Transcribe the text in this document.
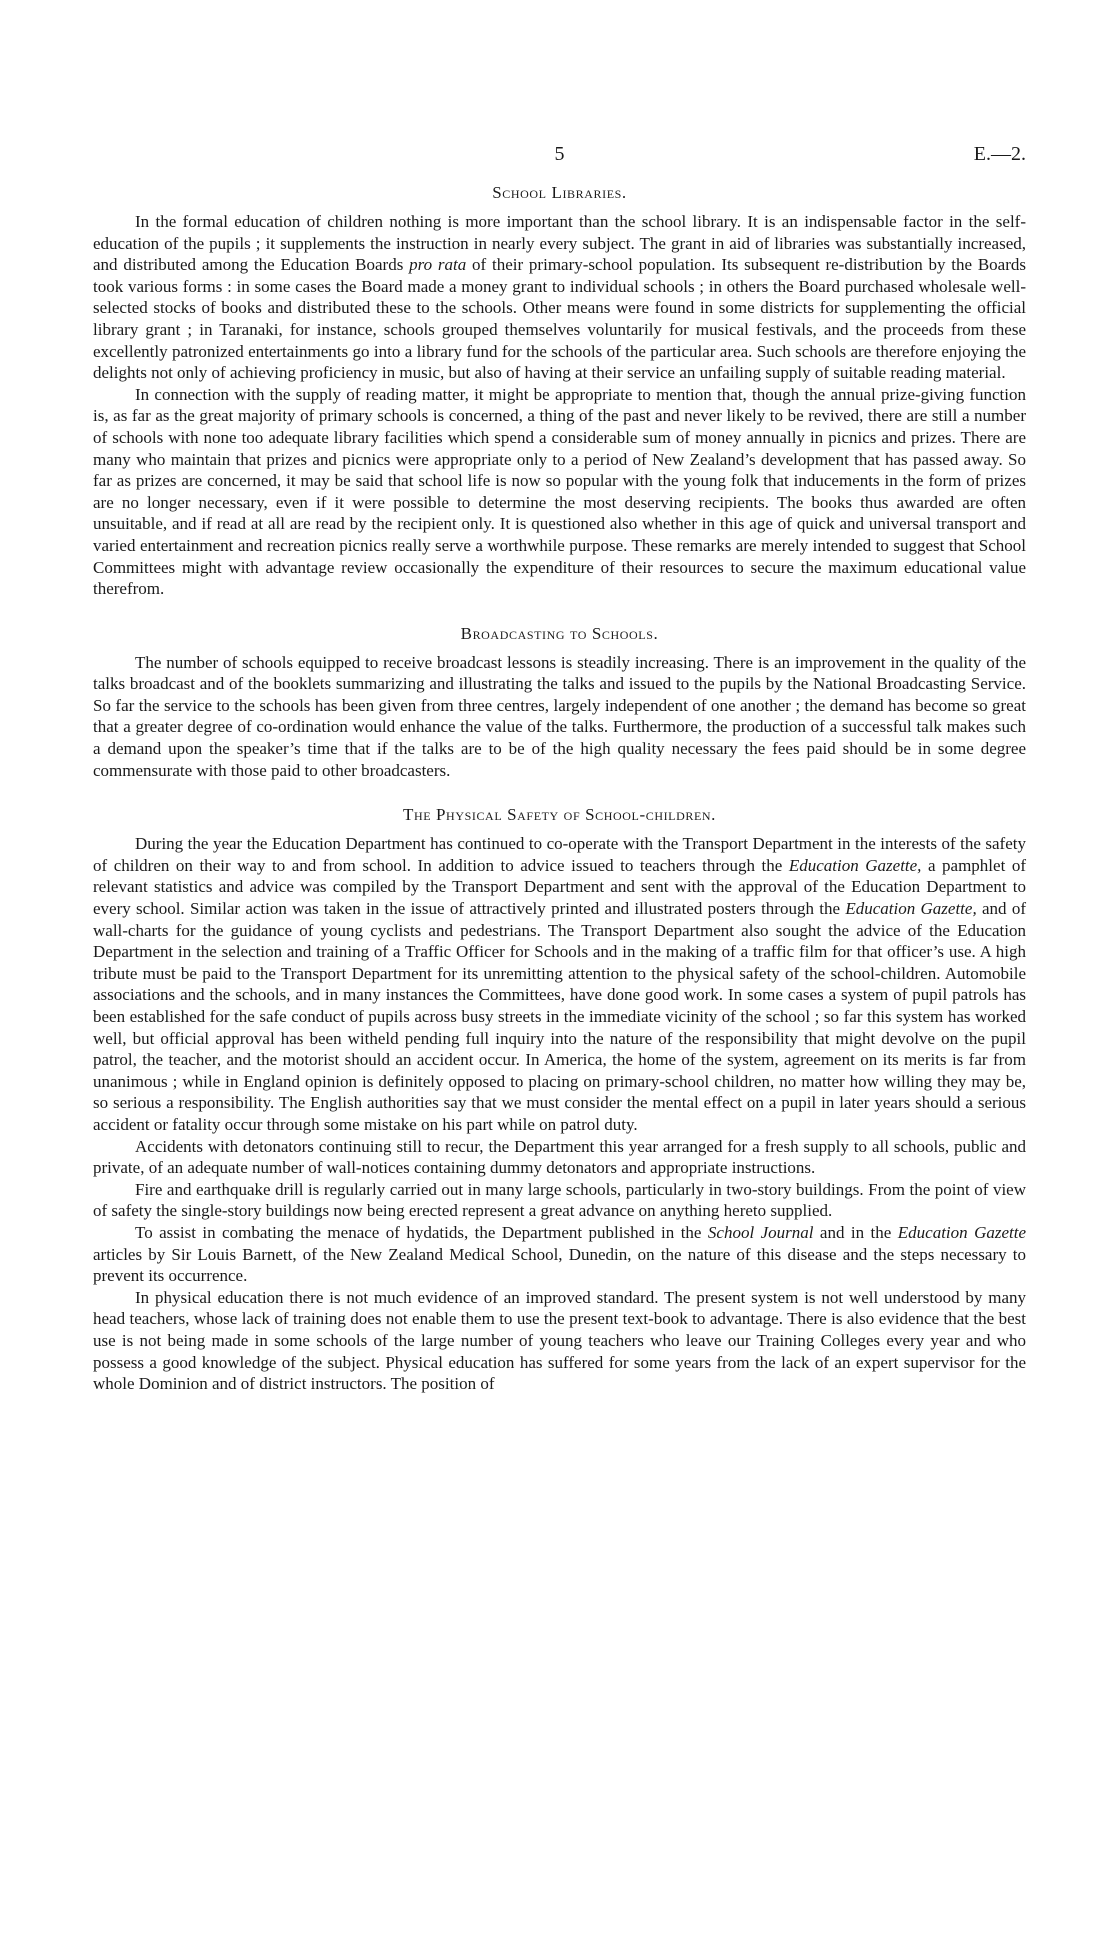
5	E.—2.
School Libraries.

In the formal education of children nothing is more important than the school library. It is an indispensable factor in the self-education of the pupils ; it supplements the instruction in nearly every subject. The grant in aid of libraries was substantially increased, and distributed among the Education Boards pro rata of their primary-school population. Its subsequent re-distribution by the Boards took various forms : in some cases the Board made a money grant to individual schools ; in others the Board purchased wholesale well-selected stocks of books and distributed these to the schools. Other means were found in some districts for supplementing the official library grant ; in Taranaki, for instance, schools grouped themselves voluntarily for musical festivals, and the proceeds from these excellently patronized entertainments go into a library fund for the schools of the particular area. Such schools are therefore enjoying the delights not only of achieving proficiency in music, but also of having at their service an unfailing supply of suitable reading material.

In connection with the supply of reading matter, it might be appropriate to mention that, though the annual prize-giving function is, as far as the great majority of primary schools is concerned, a thing of the past and never likely to be revived, there are still a number of schools with none too adequate library facilities which spend a considerable sum of money annually in picnics and prizes. There are many who maintain that prizes and picnics were appropriate only to a period of New Zealand’s development that has passed away. So far as prizes are concerned, it may be said that school life is now so popular with the young folk that inducements in the form of prizes are no longer necessary, even if it were possible to determine the most deserving recipients. The books thus awarded are often unsuitable, and if read at all are read by the recipient only. It is questioned also whether in this age of quick and universal transport and varied entertainment and recreation picnics really serve a worthwhile purpose. These remarks are merely intended to suggest that School Committees might with advantage review occasionally the expenditure of their resources to secure the maximum educational value therefrom.

Broadcasting to Schools.

The number of schools equipped to receive broadcast lessons is steadily increasing. There is an improvement in the quality of the talks broadcast and of the booklets summarizing and illustrating the talks and issued to the pupils by the National Broadcasting Service. So far the service to the schools has been given from three centres, largely independent of one another ; the demand has become so great that a greater degree of co-ordination would enhance the value of the talks. Furthermore, the production of a successful talk makes such a demand upon the speaker’s time that if the talks are to be of the high quality necessary the fees paid should be in some degree commensurate with those paid to other broadcasters.

The Physical Safety of School-children.

During the year the Education Department has continued to co-operate with the Transport Department in the interests of the safety of children on their way to and from school. In addition to advice issued to teachers through the Education Gazette, a pamphlet of relevant statistics and advice was compiled by the Transport Department and sent with the approval of the Education Department to every school. Similar action was taken in the issue of attractively printed and illustrated posters through the Education Gazette, and of wall-charts for the guidance of young cyclists and pedestrians. The Transport Department also sought the advice of the Education Department in the selection and training of a Traffic Officer for Schools and in the making of a traffic film for that officer’s use. A high tribute must be paid to the Transport Department for its unremitting attention to the physical safety of the school-children. Automobile associations and the schools, and in many instances the Committees, have done good work. In some cases a system of pupil patrols has been established for the safe conduct of pupils across busy streets in the immediate vicinity of the school ; so far this system has worked well, but official approval has been witheld pending full inquiry into the nature of the responsibility that might devolve on the pupil patrol, the teacher, and the motorist should an accident occur. In America, the home of the system, agreement on its merits is far from unanimous ; while in England opinion is definitely opposed to placing on primary-school children, no matter how willing they may be, so serious a responsibility. The English authorities say that we must consider the mental effect on a pupil in later years should a serious accident or fatality occur through some mistake on his part while on patrol duty.

Accidents with detonators continuing still to recur, the Department this year arranged for a fresh supply to all schools, public and private, of an adequate number of wall-notices containing dummy detonators and appropriate instructions.

Fire and earthquake drill is regularly carried out in many large schools, particularly in two-story buildings. From the point of view of safety the single-story buildings now being erected represent a great advance on anything hereto supplied.

To assist in combating the menace of hydatids, the Department published in the School Journal and in the Education Gazette articles by Sir Louis Barnett, of the New Zealand Medical School, Dunedin, on the nature of this disease and the steps necessary to prevent its occurrence.

In physical education there is not much evidence of an improved standard. The present system is not well understood by many head teachers, whose lack of training does not enable them to use the present text-book to advantage. There is also evidence that the best use is not being made in some schools of the large number of young teachers who leave our Training Colleges every year and who possess a good knowledge of the subject. Physical education has suffered for some years from the lack of an expert supervisor for the whole Dominion and of district instructors. The position of
